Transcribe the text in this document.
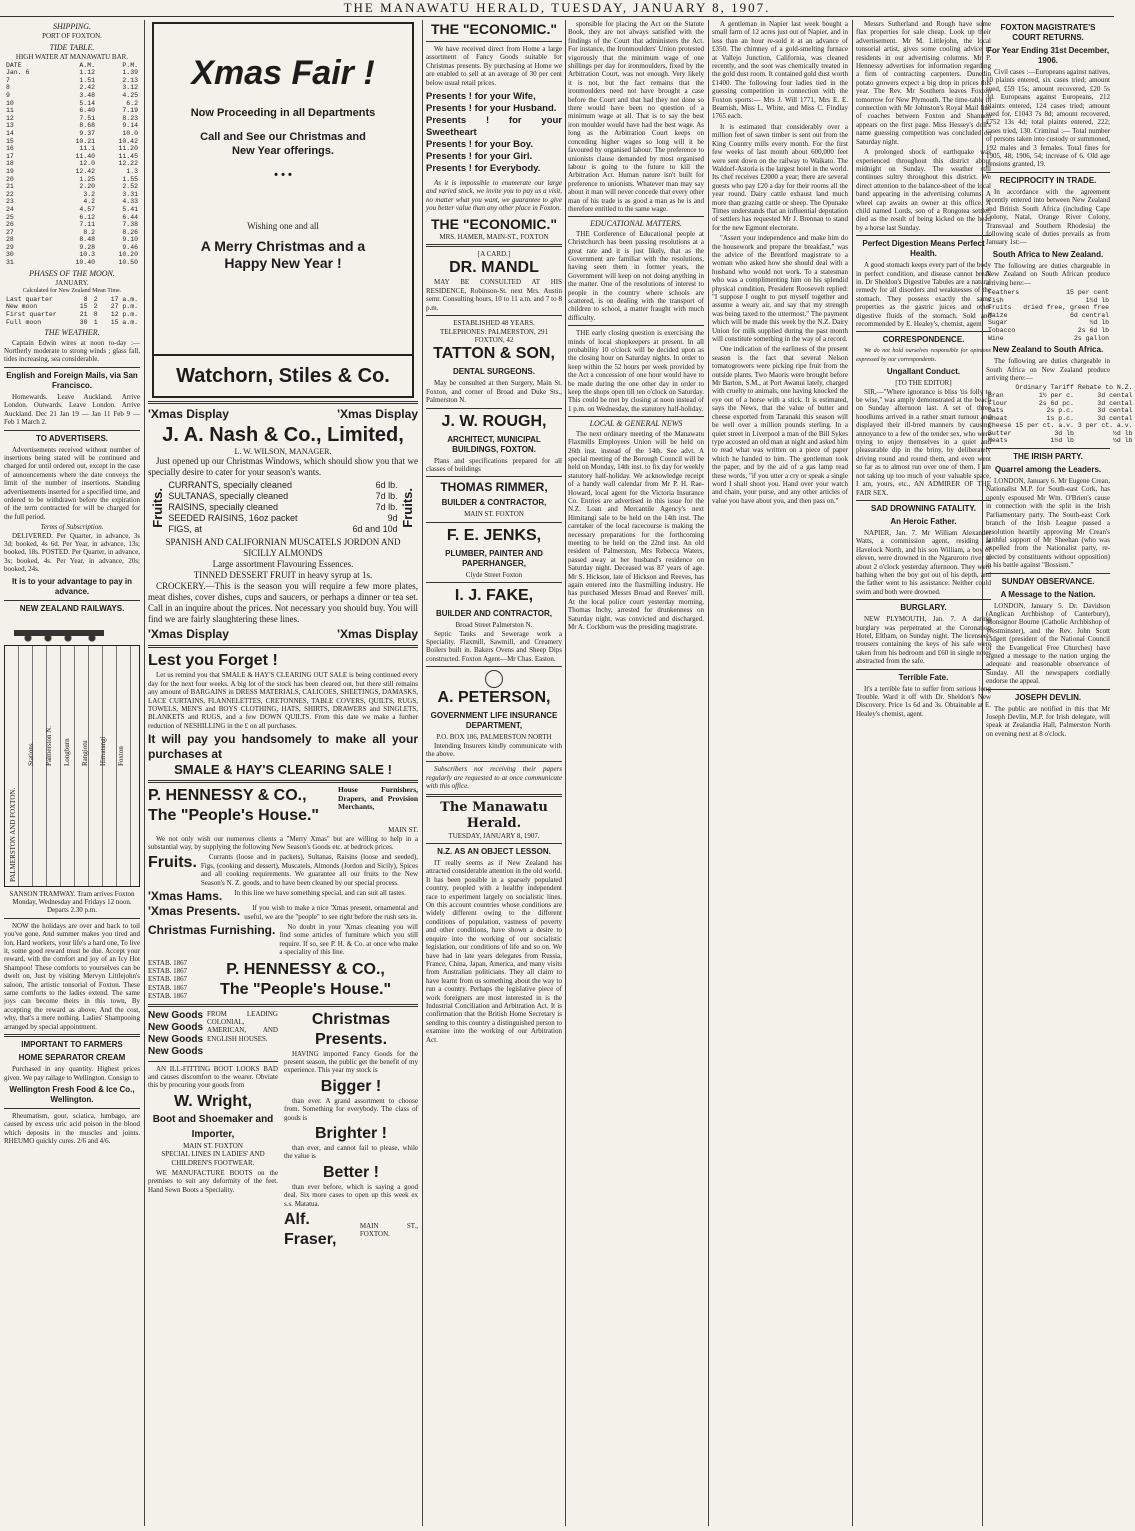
THE MANAWATU HERALD, TUESDAY, JANUARY 8, 1907.
SHIPPING.
PORT OF FOXTON.
TIDE TABLE.
HIGH WATER AT MANAWATU BAR.
DATE	A.M.	P.M.
Jan. 6	1.12	1.39
7	1.51	2.13
8	2.42	3.12
9	3.48	4.25
10	5.14	6.2
11	6.40	7.19
12	7.51	8.23
13	8.68	9.14
14	9.37	10.0
15	10.21	10.42
16	11.1	11.20
17	11.40	11.45
18	12.0	12.22
19	12.42	1.3
20	1.25	1.55
21	2.20	2.52
22	3.2	3.31
23	4.2	4.33
24	4.57	5.41
25	6.12	6.44
26	7.11	7.38
27	8.2	8.26
28	8.48	9.10
29	9.28	9.46
30	10.3	10.20
31	10.40	10.50
PHASES OF THE MOON.
JANUARY.
Calculated for New Zealand Mean Time.
Last quarter	8	2	17 a.m.
New moon	15	2	27 p.m.
First quarter	21	8	12 p.m.
Full moon	30	1	15 a.m.
THE WEATHER.

Captain Edwin wires at noon to-day :— Northerly moderate to strong winds ; glass fall, tides increasing, sea considerable.

English and Foreign Mails, via San Francisco.

Homewards. Leave Auckland. Arrive London. Outwards. Leave London. Arrive Auckland. Dec 21 Jan 19 — Jan 11 Feb 9 — Feb 1 March 2.

TO ADVERTISERS.

Advertisements received without number of insertions being stated will be continued and charged for until ordered out, except in the case of announcements where the date conveys the limit of the number of insertions. Standing advertisements inserted for a specified time, and ordered to be withdrawn before the expiration of the term contracted for will be charged for the full period.

Terms of Subscription.

DELIVERED. Per Quarter, in advance, 3s 3d; booked, 4s 6d. Per Year, in advance, 13s; booked, 18s. POSTED. Per Quarter, in advance, 3s; booked, 4s. Per Year, in advance, 20s; booked, 24s.

It is to your advantage to pay in advance.
NEW ZEALAND RAILWAYS.
PALMERSTON AND FOXTON.
Stations. Palmerston N. Longburn Rangiotu Himatangi Foxton

SANSON TRAMWAY. Tram arrives Foxton Monday, Wednesday and Fridays 12 noon. Departs 2.30 p.m.

NOW the holidays are over and back to toil you've gone, And summer makes you tired and lon, Hard workers, your life's a hard one, To live it, some good reward must be due. Accept your reward, with the comfort and joy of an Icy Hot Shampoo! These comforts to yourselves can be dwelt on, Just by visiting Mervyn Littlejohn's saloon, The artistic tonsorial of Foxton. These same comforts to the ladies extend. The same joys can become theirs in this town, By accepting the reward as above, And the cost, why, that's a mere nothing. Ladies' Shampooing arranged by special appointment.

IMPORTANT TO FARMERS
HOME SEPARATOR CREAM

Purchased in any quantity. Highest prices given. We pay railage to Wellington. Consign to

Wellington Fresh Food & Ice Co., Wellington.

Rheumatism, gout, sciatica, lumbago, are caused by excess uric acid poison in the blood which deposits in the muscles and joints. RHEUMO quickly cures. 2/6 and 4/6.

Xmas Fair !
Now Proceeding in all Departments
Call and See our Christmas and New Year offerings.
• • •
Wishing one and all
A Merry Christmas and a Happy New Year !
Watchorn, Stiles & Co.
'Xmas Display	'Xmas Display
J. A. Nash & Co., Limited,
L. W. WILSON, MANAGER.

Just opened up our Christmas Windows, which should show you that we specially desire to cater for your season's wants.

Fruits.
CURRANTS, specially cleaned	6d lb.
SULTANAS, specially cleaned	7d lb.
RAISINS, specially cleaned	7d lb.
SEEDED RAISINS, 16oz packet	9d
FIGS, at	6d and 10d
Fruits.
SPANISH AND CALIFORNIAN MUSCATELS JORDON AND SICILLY ALMONDS
Large assortment Flavouring Essences.
TINNED DESSERT FRUIT in heavy syrup at 1s.

CROCKERY.—This is the season you will require a few more plates, meat dishes, cover dishes, cups and saucers, or perhaps a dinner or tea set. Call in an inquire about the prices. Not necessary you should buy. You will find we are fairly slaughtering these lines.

'Xmas Display	'Xmas Display
Lest you Forget !

Let us remind you that SMALE & HAY'S CLEARING OUT SALE is being continued every day for the next four weeks. A big lot of the stock has been cleared out, but there still remains any amount of BARGAINS in DRESS MATERIALS, CALICOES, SHEETINGS, DAMASKS, LACE CURTAINS, FLANNELETTES, CRETONNES, TABLE COVERS, QUILTS, RUGS, TOWELS, MEN'S and BOYS CLOTHING, HATS, SHIRTS, DRAWERS and SINGLETS, BLANKETS and RUGS, and a few DOWN QUILTS. From this date we make a further reduction of NESHILLING in the £ on all purchases.

It will pay you handsomely to make all your purchases at
SMALE & HAY'S CLEARING SALE !
P. HENNESSY & CO.,
The "People's House."
House Furnishers, Drapers, and Provision Merchants,
MAIN ST.

We not only wish our numerous clients a "Merry Xmas" but are willing to help in a substantial way, by supplying the following New Season's Goods etc. at bedrock prices.

Fruits.	Currants (loose and in packets), Sultanas, Raisins (loose and seeded), Figs, (cooking and dessert), Muscatels, Almonds (Jordon and Sicily), Spices and all cooking requirements. We guarantee all our fruits to the New Season's N. Z. goods, and to have been cleaned by our special process.

'Xmas Hams.	In this line we have something special, and can suit all tastes.

'Xmas Presents.	If you wish to make a nice 'Xmas present, ornamental and useful, we are the "people" to see right before the rush sets in.

Christmas Furnishing.	No doubt in your 'Xmas cleaning you will find some articles of furniture which you still require. If so, see P. H. & Co. at once who make a speciality of this line.

ESTAB. 1867
ESTAB. 1867
ESTAB. 1867
ESTAB. 1867
ESTAB. 1867
P. HENNESSY & CO.,
The "People's House."
New Goods
New Goods
New Goods
New Goods
FROM LEADING COLONIAL, AMERICAN, AND ENGLISH HOUSES.

AN ILL-FITTING BOOT LOOKS BAD and causes discomfort to the wearer. Obviate this by procuring your goods from

W. Wright,
Boot and Shoemaker and Importer,
MAIN ST. FOXTON

SPECIAL LINES IN LADIES' AND CHILDREN'S FOOTWEAR.

WE MANUFACTURE BOOTS on the premises to suit any deformity of the feet. Hand Sewn Boots a Speciality.

Christmas Presents.

HAVING imported Fancy Goods for the present season, the public get the benefit of my experience. This year my stock is

Bigger !

than ever. A grand assortment to choose from. Something for everybody. The class of goods is

Brighter !

than ever, and cannot fail to please, while the value is

Better !

than ever before, which is saying a good deal. Six more cases to open up this week ex s.s. Matatua.

Alf. Fraser,
MAIN ST., FOXTON.
THE "ECONOMIC."

We have received direct from Home a large assortment of Fancy Goods suitable for Christmas presents. By purchasing at Home we are enabled to sell at an average of 30 per cent below usual retail prices.

Presents ! for your Wife,
Presents ! for your Husband.
Presents ! for your Sweetheart
Presents ! for your Boy.
Presents ! for your Girl.
Presents ! for Everybody.

As it is impossible to enumerate our large and varied stock, we invite you to pay us a visit, no matter what you want, we guarantee to give you better value than any other place in Foxton.

THE "ECONOMIC."
MRS. HAMER, MAIN-ST., FOXTON
[A CARD.]
DR. MANDL

MAY BE CONSULTED AT HIS RESIDENCE, Robinson-St. next Mrs. Austin semr. Consulting hours, 10 to 11 a.m. and 7 to 8 p.m.

ESTABLISHED 48 YEARS.
TELEPHONES: PALMERSTON, 291 FOXTON, 42
TATTON & SON,
DENTAL SURGEONS.

May be consulted at then Surgery, Main St. Foxton, and corner of Broad and Duke Sts., Palmerston N.

J. W. ROUGH,
ARCHITECT, MUNICIPAL BUILDINGS, FOXTON.

Plans and specifications prepared for all classes of buildings

THOMAS RIMMER,
BUILDER & CONTRACTOR,
MAIN ST. FOXTON
F. E. JENKS,
PLUMBER, PAINTER AND PAPERHANGER,
Clyde Street Foxton
I. J. FAKE,
BUILDER AND CONTRACTOR,
Broad Street Palmerston N.

Septic Tanks and Sewerage work a Speciality. Flaxmill, Sawmill, and Creamery Boilers built in. Bakers Ovens and Sheep Dips constructed. Foxton Agent—Mr Chas. Easton.

A. PETERSON,
GOVERNMENT LIFE INSURANCE DEPARTMENT,
P.O. BOX 186, PALMERSTON NORTH

Intending Insurers kindly communicate with the above.

Subscribers not receiving their papers regularly are requested to at once communicate with this office.

The Manawatu Herald.
TUESDAY, JANUARY 8, 1907.
N.Z. AS AN OBJECT LESSON.

IT really seems as if New Zealand has attracted considerable attention in the old world. It has been possible in a sparsely populated country, peopled with a healthy independent race to experiment largely on socialistic lines. On this account countries whose conditions are widely different owing to the different conditions of population, vastness of poverty and other conditions, have shown a desire to enquire into the working of our socialistic legislation, our conditions of life and so on. We have had in late years delegates from Russia, France, China, Japan, America, and many visits from Australian politicians. They all claim to have learnt from us something about the way to run a country. Perhaps the legislative piece of work foreigners are most interested in is the Industrial Conciliation and Arbitration Act. It is confirmation that the British Home Secretary is sending to this country a distinguished person to examine into the working of our Arbitration Act.

sponsible for placing the Act on the Statute Book, they are not always satisfied with the findings of the Court that administers the Act. For instance, the Ironmoulders' Union protested vigorously that the minimum wage of one shillings per day for ironmoulders, fixed by the Arbitration Court, was not enough. Very likely it is not, but the fact remains that the ironmoulders need not have brought a case before the Court and that had they not done so there would have been no question of a minimum wage at all. That is to say the best iron moulder would have had the best wage. As long as the Arbitration Court keeps on conceding higher wages so long will it be favoured by organised labour. The preference to unionists clause demanded by most organised labour is going to the future to kill the Arbitration Act. Human nature isn't built for preference to unionists. Whatever man may say about it man will never concede that every other man of his trade is as good a man as he is and therefore entitled to the same wage.

EDUCATIONAL MATTERS.

THE Conference of Educational people at Christchurch has been passing resolutions at a great rate and it is just likely, that as the Government are familiar with the resolutions, having seen them in former years, the Government will keep on not doing anything in the matter. One of the resolutions of interest to people in the country where schools are scattered, is on dealing with the transport of children to school, a matter fraught with much difficulty.

THE early closing question is exercising the minds of local shopkeepers at present. In all probability 10 o'clock will be decided upon as the closing hour on Saturday nights. In order to keep within the 52 hours per week provided by the Act a concession of one hour would have to be made during the one other day in order to keep the shops open till ten o'clock on Saturday. This could be met by closing at noon instead of 1 p.m. on Wednesday, the statutory half-holiday.

LOCAL & GENERAL NEWS

The next ordinary meeting of the Manawatu Flaxmills Employees Union will be held on 26th inst. instead of the 14th. See advt. A special meeting of the Borough Council will be held on Monday, 14th inst. to fix day for weekly statutory half-holiday. We acknowledge receipt of a handy wall calendar from Mr P. H. Rae-Howard, local agent for the Victoria Insurance Co. Entries are advertised in this issue for the N.Z. Loan and Mercantile Agency's next Himitangi sale to be held on the 14th inst. The caretaker of the local racecourse is making the necessary preparations for the forthcoming meeting to be held on the 22nd inst. An old resident of Palmerston, Mrs Rebecca Waters, passed away at her husband's residence on Saturday night. Deceased was 87 years of age. Mr S. Hickson, late of Hickson and Reeves, has again entered into the flaxmilling industry. He has purchased Messrs Broad and Reeves' mill. At the local police court yesterday morning, Thomas Inchy, arrested for drunkenness on Saturday night, was convicted and discharged. Mr A. Cockburn was the presiding magistrate.

A gentleman in Napier last week bought a small farm of 12 acres just out of Napier, and in less than an hour re-sold it at an advance of £350. The chimney of a gold-smelting furnace at Vallejo Junction, California, was cleaned recently, and the soot was chemically treated in the gold dust room. It contained gold dust worth £1400. The following four ladies tied in the guessing competition in connection with the Foxton sports:— Mrs J. Will 1771, Mrs E. E. Beamish, Miss L. White, and Miss C. Findlay 1765 each.

It is estimated that considerably over a million feet of sawn timber is sent out from the King Country mills every month. For the first few weeks of last month about 600,000 feet were sent down on the railway to Waikato. The Waldorf-Astoria is the largest hotel in the world. Its chef receives £2000 a year; there are several guests who pay £20 a day for their rooms all the year round. Dairy cattle exhaust land much more than grazing cattle or sheep. The Opunake Times understands that an influential deputation of settlers has requested Mr J. Brennan to stand for the new Egmont electorate.

"Assert your independence and make him do the housework and prepare the breakfast," was the advice of the Brentford magistrate to a woman who asked how she should deal with a husband who would not work. To a statesman who was a complimenting him on his splendid physical condition, President Roosevelt replied: "I suppose I ought to put myself together and assume a weary air, and say that my strength was being taxed to the uttermost." The payment which will be made this week by the N.Z. Dairy Union for milk supplied during the past month will constitute something in the way of a record.

One indication of the earliness of the present season is the fact that several Nelson tomatogrowers were picking ripe fruit from the outside plants. Two Maoris were brought before Mr Barton, S.M., at Port Awanui lately, charged with cruelty to animals, one having knocked the eye out of a horse with a stick. It is estimated, says the News, that the value of butter and cheese exported from Taranaki this season will be well over a million pounds sterling. In a quiet street in Liverpool a man of the Bill Sykes type accosted an old man at night and asked him to read what was written on a piece of paper which he handed to him. The gentleman took the paper, and by the aid of a gas lamp read these words, "if you utter a cry or speak a single word I shall shoot you. Hand over your watch and chain, your purse, and any other articles of value you have about you, and then pass on."

Messrs Sutherland and Rough have some flax properties for sale cheap. Look up their advertisement. Mr M. Littlejohn, the local tonsorial artist, gives some cooling advice to residents in our advertising columns. Mr P. Hennessy advertises for information regarding a firm of contracting carpenters. Dunedin potato growers expect a big drop in prices this year. The Rev. Mr Southern leaves Foxton tomorrow for New Plymouth. The time-table in connection with Mr Johnston's Royal Mail line of coaches between Foxton and Shannon appears on the first page. Miss Hessey's doll's name guessing competition was concluded on Saturday night.

A prolonged shock of earthquake was experienced throughout this district about midnight on Sunday. The weather still continues sultry throughout this district. We direct attention to the balance-sheet of the local band appearing in the advertising columns. A wheel cap awaits an owner at this office. A child named Lords, son of a Rongotea settler, died as the result of being kicked on the head by a horse last Sunday.

Perfect Digestion Means Perfect Health.

A good stomach keeps every part of the body in perfect condition, and disease cannot break in. Dr Sheldon's Digestive Tabules are a natural remedy for all disorders and weaknesses of the stomach. They possess exactly the same properties as the gastric juices and other digestive fluids of the stomach. Sold and recommended by E. Healey's, chemist, agent.

CORRESPONDENCE.

We do not hold ourselves responsible for opinions expressed by our correspondents.

Ungallant Conduct.
[TO THE EDITOR]

SIR,—"Where ignorance is bliss 'tis folly to be wise," was amply demonstrated at the beach on Sunday afternoon last. A set of three hoodlums arrived in a rather smart turnout and displayed their ill-bred manners by causing annoyance to a few of the tender sex, who were trying to enjoy themselves in a quiet and pleasurable dip in the briny, by deliberately driving round and round them, and even went so far as to almost run over one of them. I am not taking up too much of your valuable space, I am, yours, etc., AN ADMIRER OF THE FAIR SEX.

SAD DROWNING FATALITY.
An Heroic Father.

NAPIER, Jan. 7. Mr William Alexander Watts, a commission agent, residing at Havelock North, and his son William, a boy of eleven, were drowned in the Ngaruroro river at about 2 o'clock yesterday afternoon. They were bathing when the boy got out of his depth, and the father went to his assistance. Neither could swim and both were drowned.

BURGLARY.

NEW PLYMOUTH, Jan. 7. A daring burglary was perpetrated at the Coronation Hotel, Eltham, on Sunday night. The licensee's trousers containing the keys of his safe were taken from his bedroom and £60 in single notes abstracted from the safe.

Terrible Fate.

It's a terrible fate to suffer from serious long Trouble. Ward it off with Dr. Sheldon's New Discovery. Price 1s 6d and 3s. Obtainable at E. Healey's chemist, agent.

FOXTON MAGISTRATE'S COURT RETURNS.
For Year Ending 31st December, 1906.

Civil cases :—Europeans against natives, 10 plaints entered, six cases tried; amount sued, £59 15s; amount recovered, £20 5s 3d. Europeans against Europeans, 212 plaints entered, 124 cases tried; amount sued for, £1043 7s 8d; amount recovered, £752 13s 4d; total plaints entered, 222; cases tried, 130. Criminal :— Total number of persons taken into custody or summoned, 192 males and 3 females. Total fines for 1905, 48; 1906, 54; increase of 6. Old age pensions granted, 19.

RECIPROCITY IN TRADE.

In accordance with the agreement recently entered into between New Zealand and British South Africa (including Cape Colony, Natal, Orange River Colony, Transvaal and Southern Rhodesia) the following scale of duties prevails as from January 1st:—

South Africa to New Zealand.

The following are duties chargeable in New Zealand on South African produce arriving here:—

Feathers	15 per cent
Fish	1½d lb
Fruits	dried free, green free
Maize	6d central
Sugar	½d lb
Tobacco	2s 6d lb
Wine	2s gallon
New Zealand to South Africa.

The following are duties chargeable in South Africa on New Zealand produce arriving there:—

	Ordinary Tariff	Rebate to N.Z.
Bran	1½ per c.	3d cental
Flour	2s 6d pc.	3d cental
Oats	2s p.c.	3d cental
Wheat	1s p.c.	3d cental
Cheese	15 per ct. a.v.	3 per ct. a.v.
Butter	3d lb	½d lb
Meats	1½d lb	½d lb
THE IRISH PARTY.
Quarrel among the Leaders.

LONDON, January 6. Mr Eugene Crean, Nationalist M.P. for South-east Cork, has openly espoused Mr Wm. O'Brien's cause in connection with the split in the Irish Parliamentary party. The South-east Cork branch of the Irish League passed a resolution heartily approving Mr Crean's faithful support of Mr Sheehan (who was expelled from the Nationalist party, re-elected by constituents without opposition) in his battle against "Bossism."

SUNDAY OBSERVANCE.
A Message to the Nation.

LONDON, January 5. Dr. Davidson (Anglican Archbishop of Canterbury), Monsignor Bourne (Catholic Archbishop of Westminster), and the Rev. John Scott Lidgett (president of the National Council of the Evangelical Free Churches) have signed a message to the nation urging the adequate and reasonable observance of Sunday. All the newspapers cordially endorse the appeal.

JOSEPH DEVLIN.

The public are notified in this that Mr Joseph Devlin, M.P. for Irish delegate, will speak at Zealandia Hall, Palmerston North on evening next at 8 o'clock.
